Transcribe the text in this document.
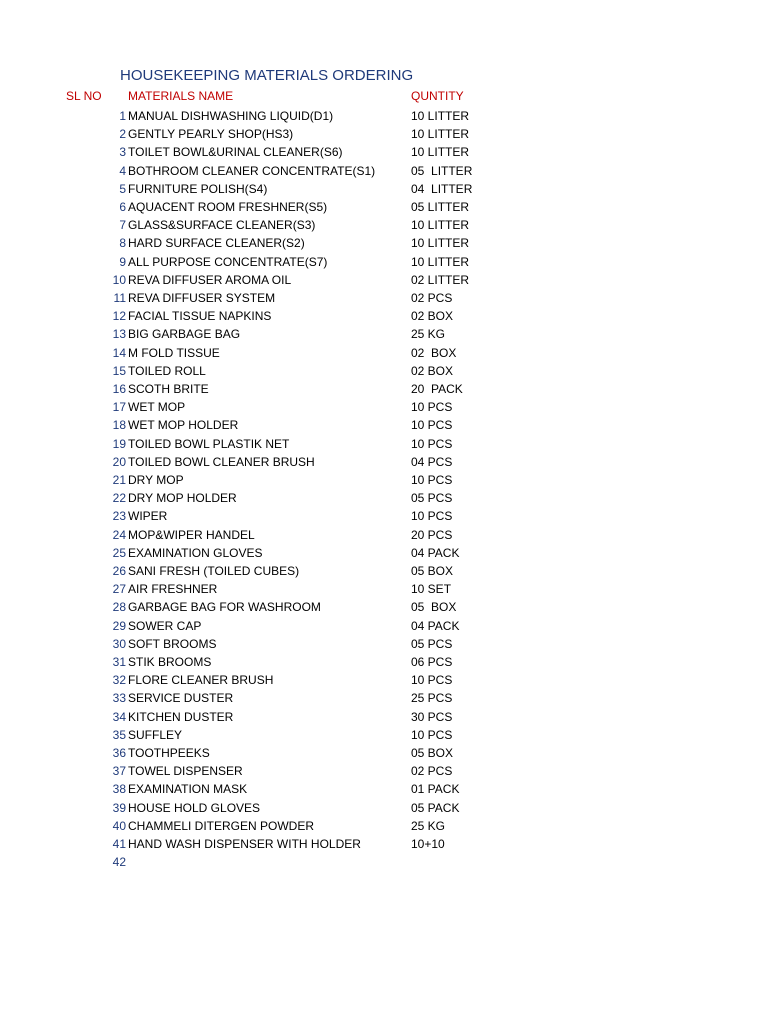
HOUSEKEEPING MATERIALS ORDERING
SL NO MATERIALS NAME	QUNTITY
1 MANUAL DISHWASHING LIQUID(D1)	10 LITTER
2 GENTLY PEARLY SHOP(HS3)	10 LITTER
3 TOILET BOWL&URINAL CLEANER(S6)	10 LITTER
4 BOTHROOM CLEANER CONCENTRATE(S1)	05  LITTER
5 FURNITURE POLISH(S4)	04  LITTER
6 AQUACENT ROOM FRESHNER(S5)	05 LITTER
7 GLASS&SURFACE CLEANER(S3)	10 LITTER
8 HARD SURFACE CLEANER(S2)	10 LITTER
9 ALL PURPOSE CONCENTRATE(S7)	10 LITTER
10 REVA DIFFUSER AROMA OIL	02 LITTER
11 REVA DIFFUSER SYSTEM	02 PCS
12 FACIAL TISSUE NAPKINS	02 BOX
13 BIG GARBAGE BAG	25 KG
14 M FOLD TISSUE	02  BOX
15 TOILED ROLL	02 BOX
16 SCOTH BRITE	20  PACK
17 WET MOP	10 PCS
18 WET MOP HOLDER	10 PCS
19 TOILED BOWL PLASTIK NET	10 PCS
20 TOILED BOWL CLEANER BRUSH	04 PCS
21 DRY MOP	10 PCS
22 DRY MOP HOLDER	05 PCS
23 WIPER	10 PCS
24 MOP&WIPER HANDEL	20 PCS
25 EXAMINATION GLOVES	04 PACK
26 SANI FRESH (TOILED CUBES)	05 BOX
27 AIR FRESHNER	10 SET
28 GARBAGE BAG FOR WASHROOM	05  BOX
29 SOWER CAP	04 PACK
30 SOFT BROOMS	05 PCS
31 STIK BROOMS	06 PCS
32 FLORE CLEANER BRUSH	10 PCS
33 SERVICE DUSTER	25 PCS
34 KITCHEN DUSTER	30 PCS
35 SUFFLEY	10 PCS
36 TOOTHPEEKS	05 BOX
37 TOWEL DISPENSER	02 PCS
38 EXAMINATION MASK	01 PACK
39 HOUSE HOLD GLOVES	05 PACK
40 CHAMMELI DITERGEN POWDER	25 KG
41 HAND WASH DISPENSER WITH HOLDER	10+10
42
